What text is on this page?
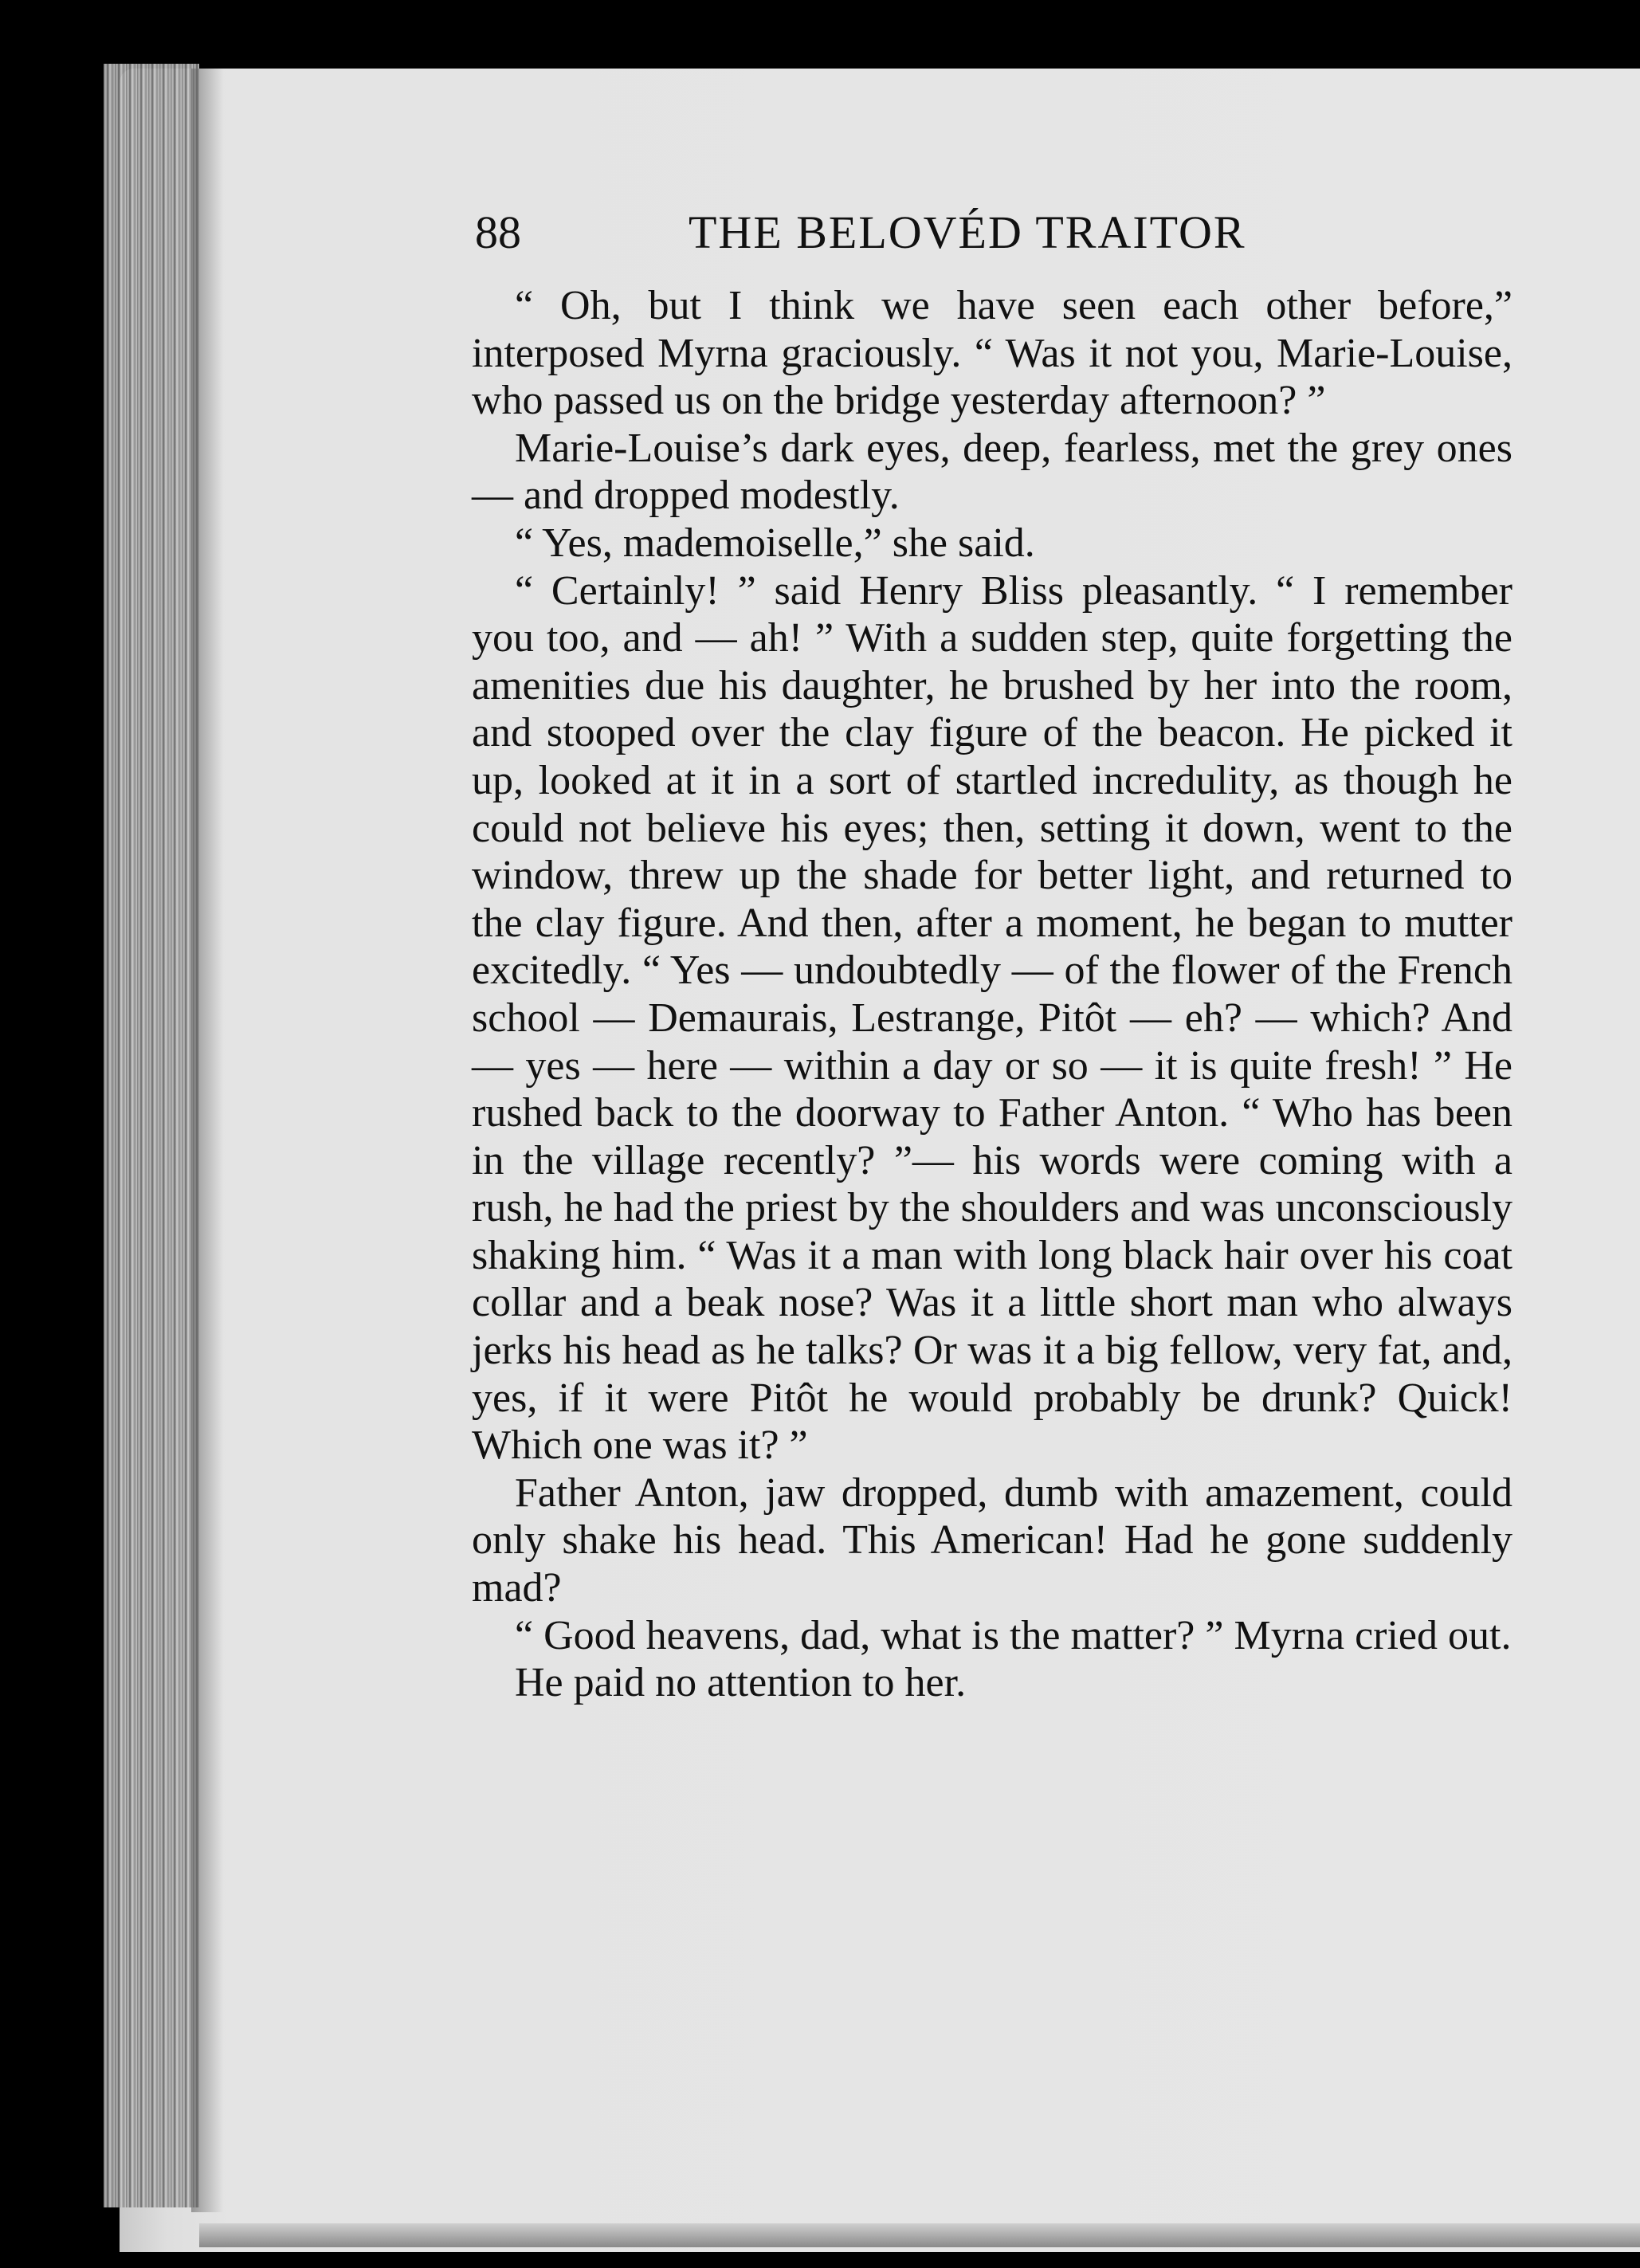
88	THE BELOVÉD TRAITOR

“ Oh, but I think we have seen each other before,” interposed Myrna graciously. “ Was it not you, Marie-Louise, who passed us on the bridge yesterday afternoon? ”

Marie-Louise’s dark eyes, deep, fearless, met the grey ones — and dropped modestly.

“ Yes, mademoiselle,” she said.

“ Certainly! ” said Henry Bliss pleasantly. “ I remember you too, and — ah! ” With a sudden step, quite forgetting the amenities due his daughter, he brushed by her into the room, and stooped over the clay figure of the beacon. He picked it up, looked at it in a sort of startled incredulity, as though he could not believe his eyes; then, setting it down, went to the window, threw up the shade for better light, and returned to the clay figure. And then, after a moment, he began to mutter excitedly. “ Yes — undoubtedly — of the flower of the French school — Demaurais, Lestrange, Pitôt — eh? — which? And — yes — here — within a day or so — it is quite fresh! ” He rushed back to the doorway to Father Anton. “ Who has been in the village recently? ”— his words were coming with a rush, he had the priest by the shoulders and was unconsciously shaking him. “ Was it a man with long black hair over his coat collar and a beak nose? Was it a little short man who always jerks his head as he talks? Or was it a big fellow, very fat, and, yes, if it were Pitôt he would probably be drunk? Quick! Which one was it? ”

Father Anton, jaw dropped, dumb with amazement, could only shake his head. This American! Had he gone suddenly mad?

“ Good heavens, dad, what is the matter? ” Myrna cried out.

He paid no attention to her.
